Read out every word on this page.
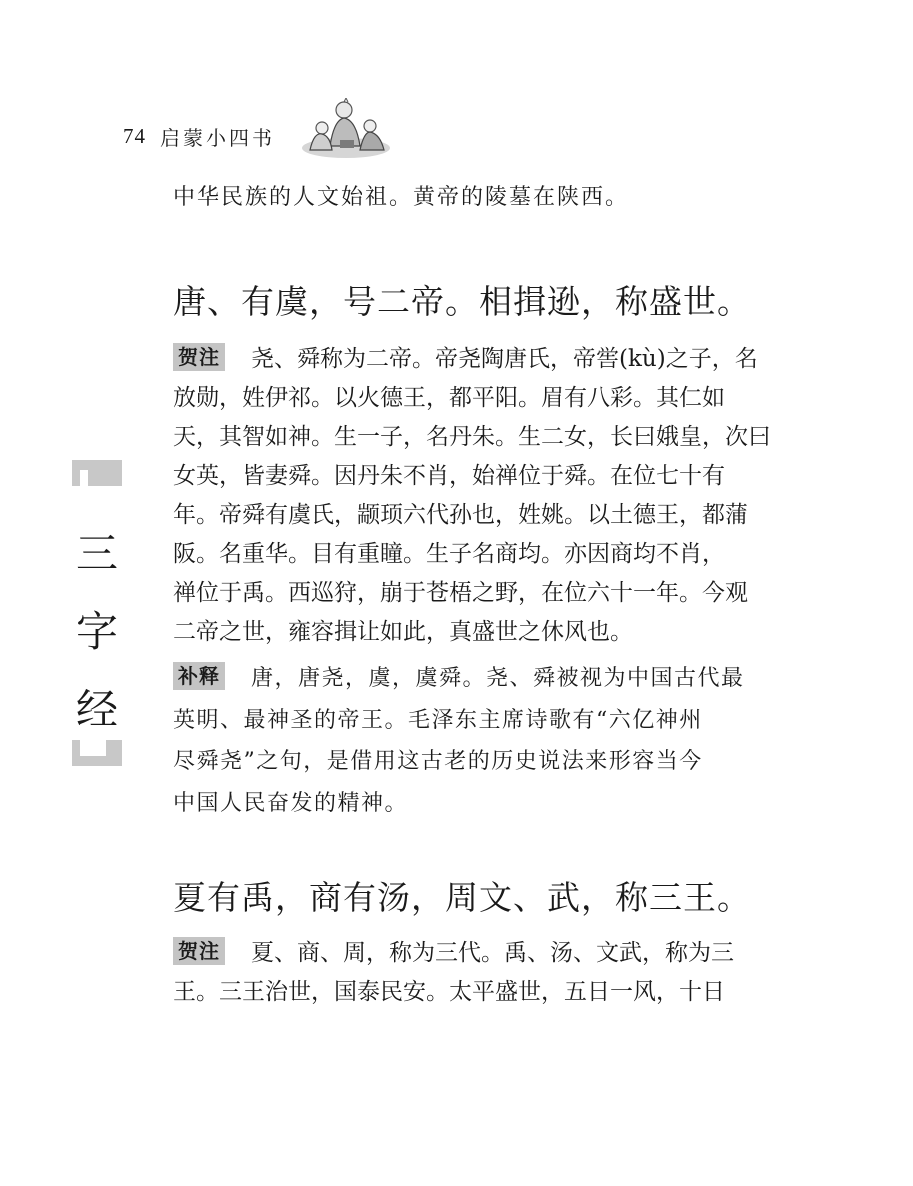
74 启蒙小四书
三
字
经

中华民族的人文始祖。黄帝的陵墓在陕西。

唐、有虞，号二帝。相揖逊，称盛世。

贺注 尧、舜称为二帝。帝尧陶唐氏，帝喾(kù)之子，名
放勋，姓伊祁。以火德王，都平阳。眉有八彩。其仁如
天，其智如神。生一子，名丹朱。生二女，长曰娥皇，次曰
女英，皆妻舜。因丹朱不肖，始禅位于舜。在位七十有
年。帝舜有虞氏，颛顼六代孙也，姓姚。以土德王，都蒲
阪。名重华。目有重瞳。生子名商均。亦因商均不肖，
禅位于禹。西巡狩，崩于苍梧之野，在位六十一年。今观
二帝之世，雍容揖让如此，真盛世之休风也。
补释 唐，唐尧，虞，虞舜。尧、舜被视为中国古代最
英明、最神圣的帝王。毛泽东主席诗歌有“六亿神州
尽舜尧”之句，是借用这古老的历史说法来形容当今
中国人民奋发的精神。

夏有禹，商有汤，周文、武，称三王。

贺注 夏、商、周，称为三代。禹、汤、文武，称为三
王。三王治世，国泰民安。太平盛世，五日一风，十日
